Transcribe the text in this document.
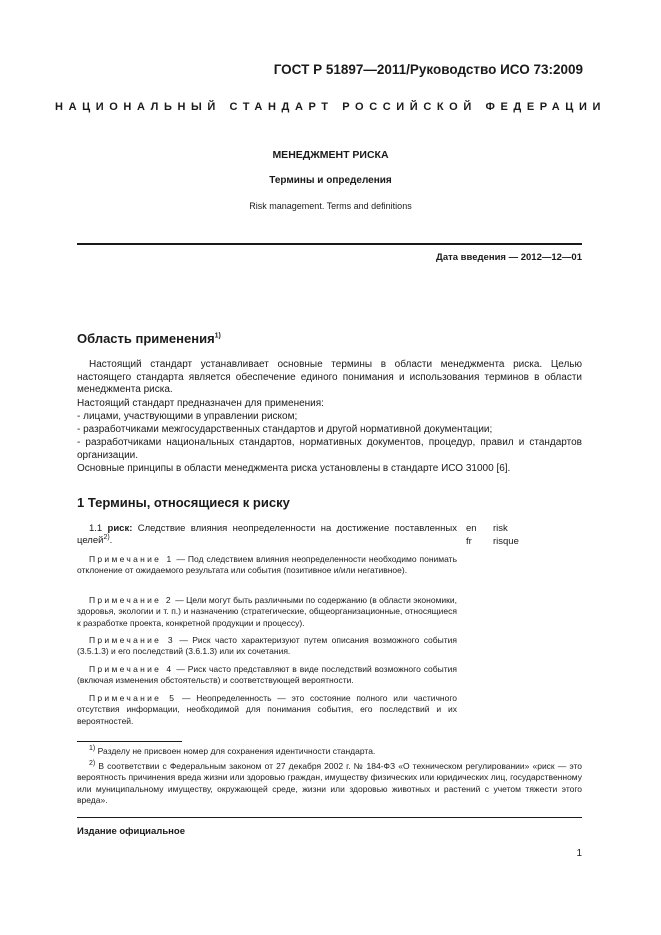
ГОСТ Р 51897—2011/Руководство ИСО 73:2009
НАЦИОНАЛЬНЫЙ СТАНДАРТ РОССИЙСКОЙ ФЕДЕРАЦИИ
МЕНЕДЖМЕНТ РИСКА
Термины и определения
Risk management. Terms and definitions
Дата введения — 2012—12—01
Область применения$^{1)}$
Настоящий стандарт устанавливает основные термины в области менеджмента риска. Целью настоящего стандарта является обеспечение единого понимания и использования терминов в области менеджмента риска.
Настоящий стандарт предназначен для применения:
- лицами, участвующими в управлении риском;
- разработчиками межгосударственных стандартов и другой нормативной документации;
- разработчиками национальных стандартов, нормативных документов, процедур, правил и стандартов организации.
Основные принципы в области менеджмента риска установлены в стандарте ИСО 31000 [6].
1 Термины, относящиеся к риску
1.1 риск: Следствие влияния неопределенности на достижение поставленных целей$^{2)}$.
en risk
fr risque
Примечание 1 — Под следствием влияния неопределенности необходимо понимать отклонение от ожидаемого результата или события (позитивное и/или негативное).
Примечание 2 — Цели могут быть различными по содержанию (в области экономики, здоровья, экологии и т. п.) и назначению (стратегические, общеорганизационные, относящиеся к разработке проекта, конкретной продукции и процессу).
Примечание 3 — Риск часто характеризуют путем описания возможного события (3.5.1.3) и его последствий (3.6.1.3) или их сочетания.
Примечание 4 — Риск часто представляют в виде последствий возможного события (включая изменения обстоятельств) и соответствующей вероятности.
Примечание 5 — Неопределенность — это состояние полного или частичного отсутствия информации, необходимой для понимания события, его последствий и их вероятностей.
$^{1)}$ Разделу не присвоен номер для сохранения идентичности стандарта.
$^{2)}$ В соответствии с Федеральным законом от 27 декабря 2002 г. № 184-ФЗ «О техническом регулировании» «риск — это вероятность причинения вреда жизни или здоровью граждан, имуществу физических или юридических лиц, государственному или муниципальному имуществу, окружающей среде, жизни или здоровью животных и растений с учетом тяжести этого вреда».
Издание официальное
1
